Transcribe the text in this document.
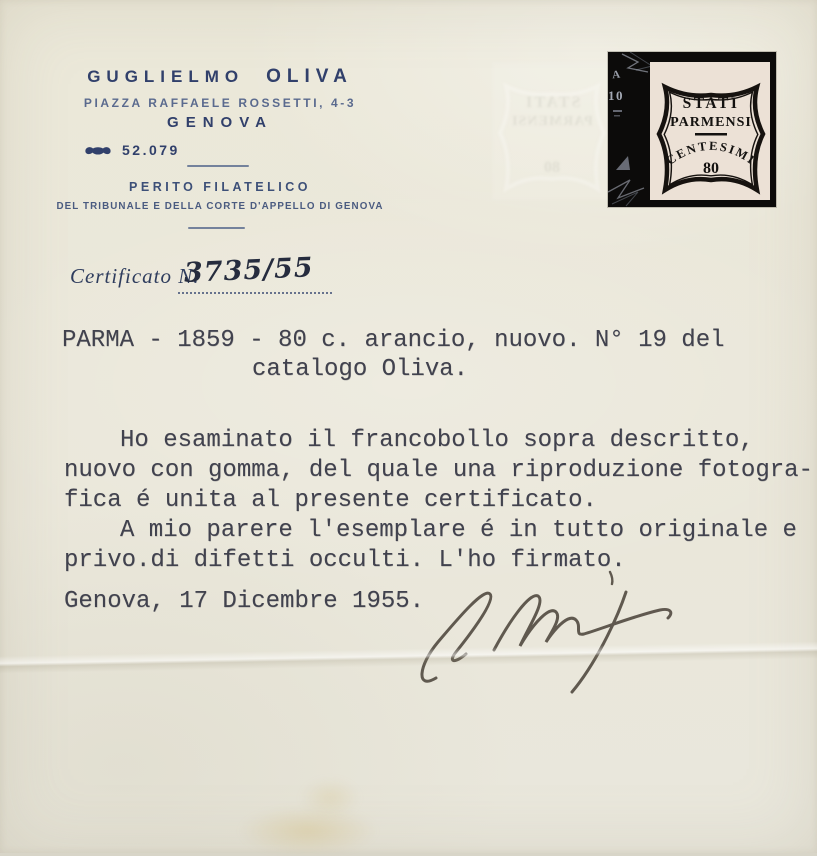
STATI
PARMENSI
80
A
10	STATI
PARMENSI
CENTESIMI
80
GUGLIELMO OLIVA
PIAZZA RAFFAELE ROSSETTI, 4-3
GENOVA
52.079
PERITO FILATELICO
DEL TRIBUNALE E DELLA CORTE D'APPELLO DI GENOVA
Certificato N.
3735/55
PARMA - 1859 - 80 c. arancio, nuovo. N° 19 del
catalogo Oliva.
Ho esaminato il francobollo sopra descritto,
nuovo con gomma, del quale una riproduzione fotogra-
fica é unita al presente certificato.
A mio parere l'esemplare é in tutto originale e
privo.di difetti occulti. L'ho firmato.
Genova, 17 Dicembre 1955.
